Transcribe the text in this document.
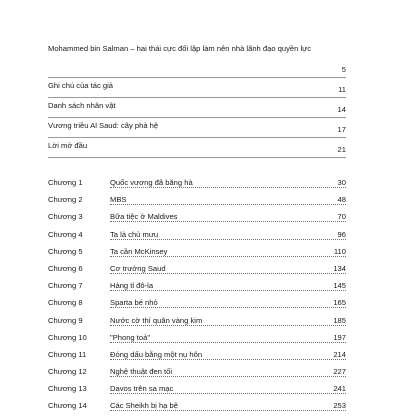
Mohammed bin Salman – hai thái cực đối lập làm nên nhà lãnh đạo quyền lực
5
Ghi chú của tác giả	11
Danh sách nhân vật	14
Vương triều Al Saud: cây phả hệ	17
Lời mở đầu	21
Chương 1	Quốc vương đã băng hà	30
Chương 2	MBS	48
Chương 3	Bữa tiệc ở Maldives	70
Chương 4	Ta là chủ mưu	96
Chương 5	Ta cần McKinsey	110
Chương 6	Cơ trưởng Saud	134
Chương 7	Hàng tỉ đô-la	145
Chương 8	Sparta bé nhỏ	165
Chương 9	Nước cờ thí quân vàng kim	185
Chương 10	"Phong toả"	197
Chương 11	Đóng dấu bằng một nụ hôn	214
Chương 12	Nghệ thuật đen tối	227
Chương 13	Davos trên sa mạc	241
Chương 14	Các Sheikh bị hạ bệ	253
